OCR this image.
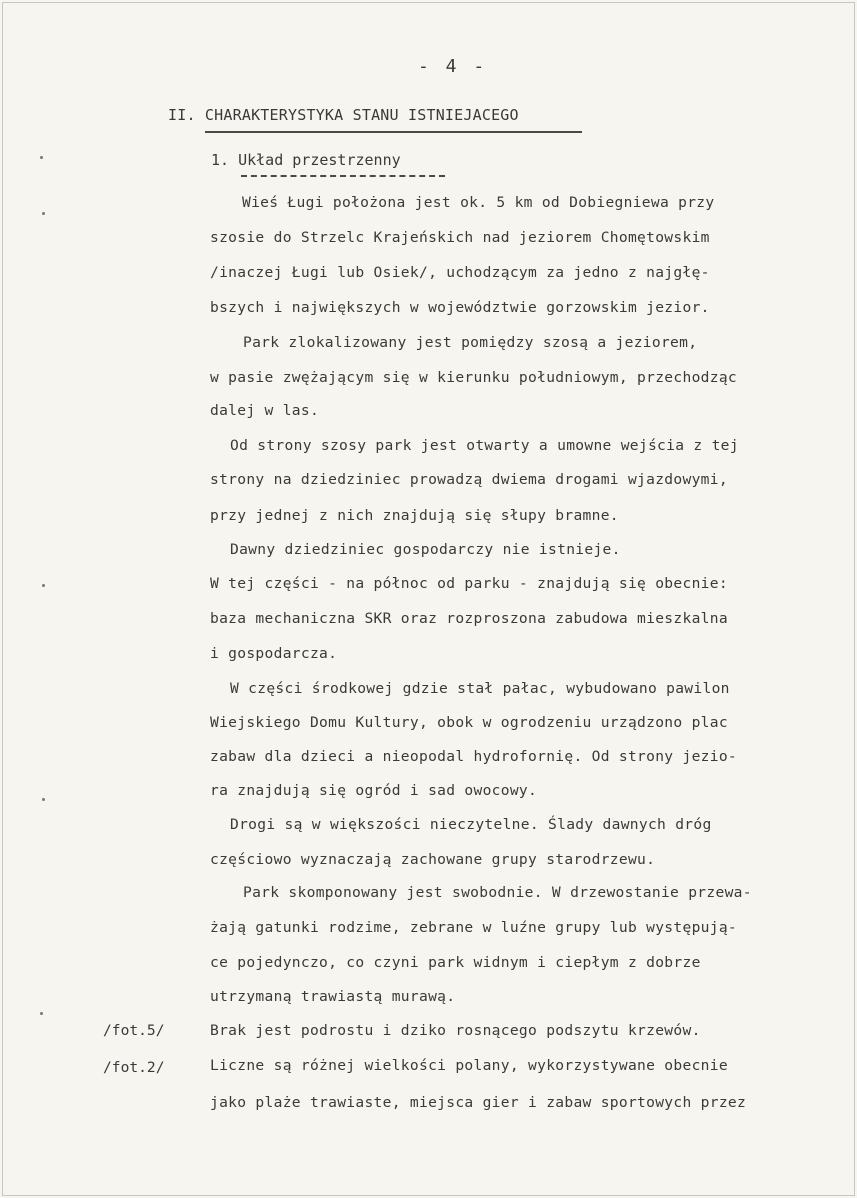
- 4 -
II. CHARAKTERYSTYKA STANU ISTNIEJACEGO
1. Układ przestrzenny
Wieś Ługi położona jest ok. 5 km od Dobiegniewa przy
szosie do Strzelc Krajeńskich nad jeziorem Chomętowskim
/inaczej Ługi lub Osiek/, uchodzącym za jedno z najgłę-
bszych i największych w województwie gorzowskim jezior.
Park zlokalizowany jest pomiędzy szosą a jeziorem,
w pasie zwężającym się w kierunku południowym, przechodząc
dalej w las.
Od strony szosy park jest otwarty a umowne wejścia z tej
strony na dziedziniec prowadzą dwiema drogami wjazdowymi,
przy jednej z nich znajdują się słupy bramne.
Dawny dziedziniec gospodarczy nie istnieje.
W tej części - na północ od parku - znajdują się obecnie:
baza mechaniczna SKR oraz rozproszona zabudowa mieszkalna
i gospodarcza.
W części środkowej gdzie stał pałac, wybudowano pawilon
Wiejskiego Domu Kultury, obok w ogrodzeniu urządzono plac
zabaw dla dzieci a nieopodal hydrofornię. Od strony jezio-
ra znajdują się ogród i sad owocowy.
Drogi są w większości nieczytelne. Ślady dawnych dróg
częściowo wyznaczają zachowane grupy starodrzewu.
Park skomponowany jest swobodnie. W drzewostanie przewa-
żają gatunki rodzime, zebrane w luźne grupy lub występują-
ce pojedynczo, co czyni park widnym i ciepłym z dobrze
utrzymaną trawiastą murawą.
Brak jest podrostu i dziko rosnącego podszytu krzewów.
Liczne są różnej wielkości polany, wykorzystywane obecnie
jako plaże trawiaste, miejsca gier i zabaw sportowych przez
/fot.5/
/fot.2/
